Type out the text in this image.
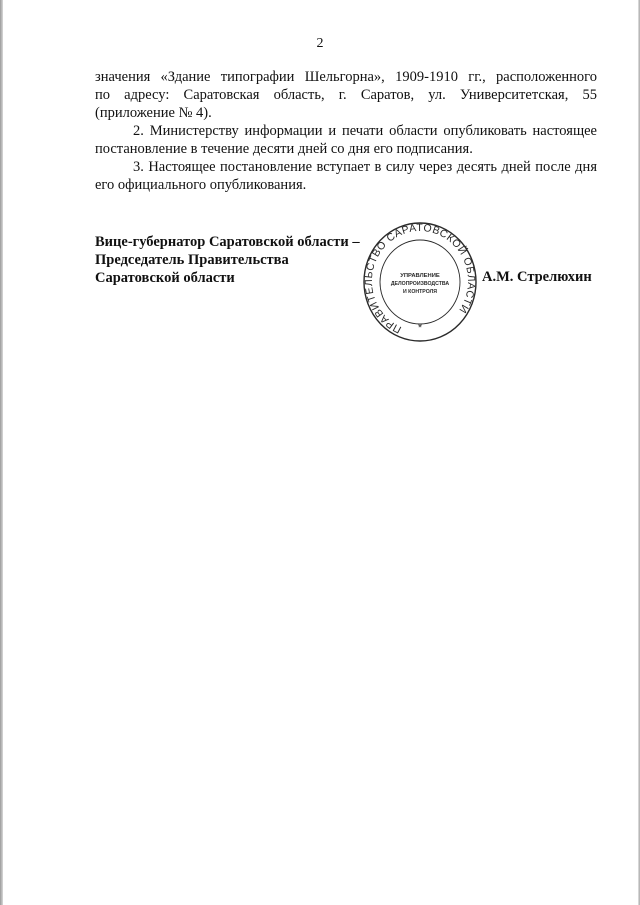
2

значения «Здание типографии Шельгорна», 1909-1910 гг., расположенного
по адресу: Саратовская область, г. Саратов, ул. Университетская, 55
(приложение № 4).

2. Министерству информации и печати области опубликовать настоящее постановление в течение десяти дней со дня его подписания.

3. Настоящее постановление вступает в силу через десять дней после дня его официального опубликования.

Вице-губернатор Саратовской области –
Председатель Правительства
Саратовской области
ПРАВИТЕЛЬСТВО САРАТОВСКОЙ ОБЛАСТИ
УПРАВЛЕНИЕ
ДЕЛОПРОИЗВОДСТВА
И КОНТРОЛЯ
*
А.М. Стрелюхин
